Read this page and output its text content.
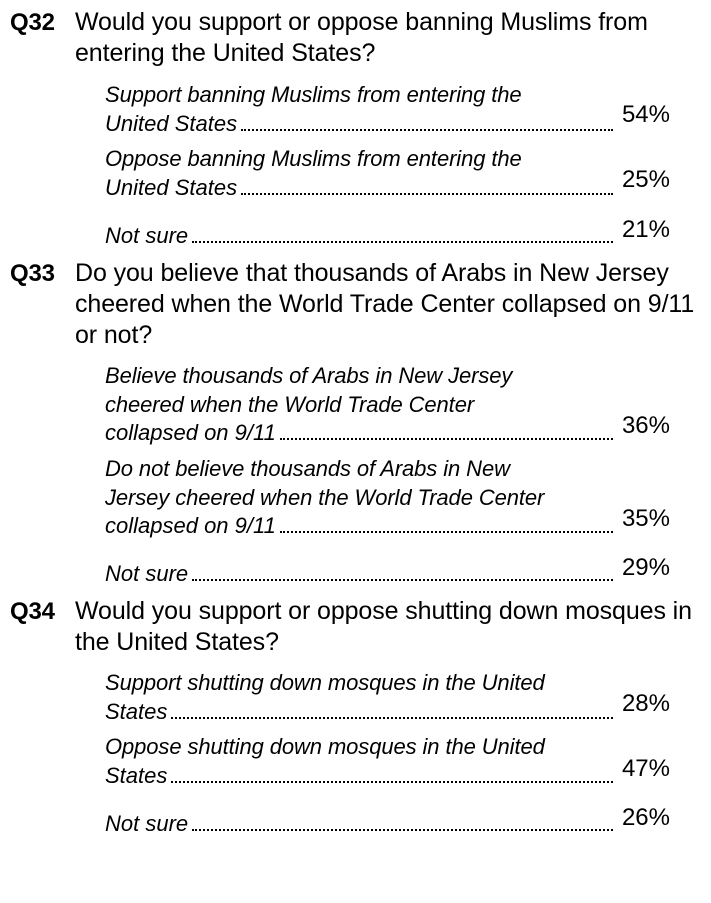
Q32 Would you support or oppose banning Muslims from entering the United States?
Support banning Muslims from entering the
United States	54%
Oppose banning Muslims from entering the
United States	25%
Not sure	21%
Q33 Do you believe that thousands of Arabs in New Jersey cheered when the World Trade Center collapsed on 9/11 or not?
Believe thousands of Arabs in New Jersey
cheered when the World Trade Center
collapsed on 9/11	36%
Do not believe thousands of Arabs in New
Jersey cheered when the World Trade Center
collapsed on 9/11	35%
Not sure	29%
Q34 Would you support or oppose shutting down mosques in the United States?
Support shutting down mosques in the United
States	28%
Oppose shutting down mosques in the United
States	47%
Not sure	26%
